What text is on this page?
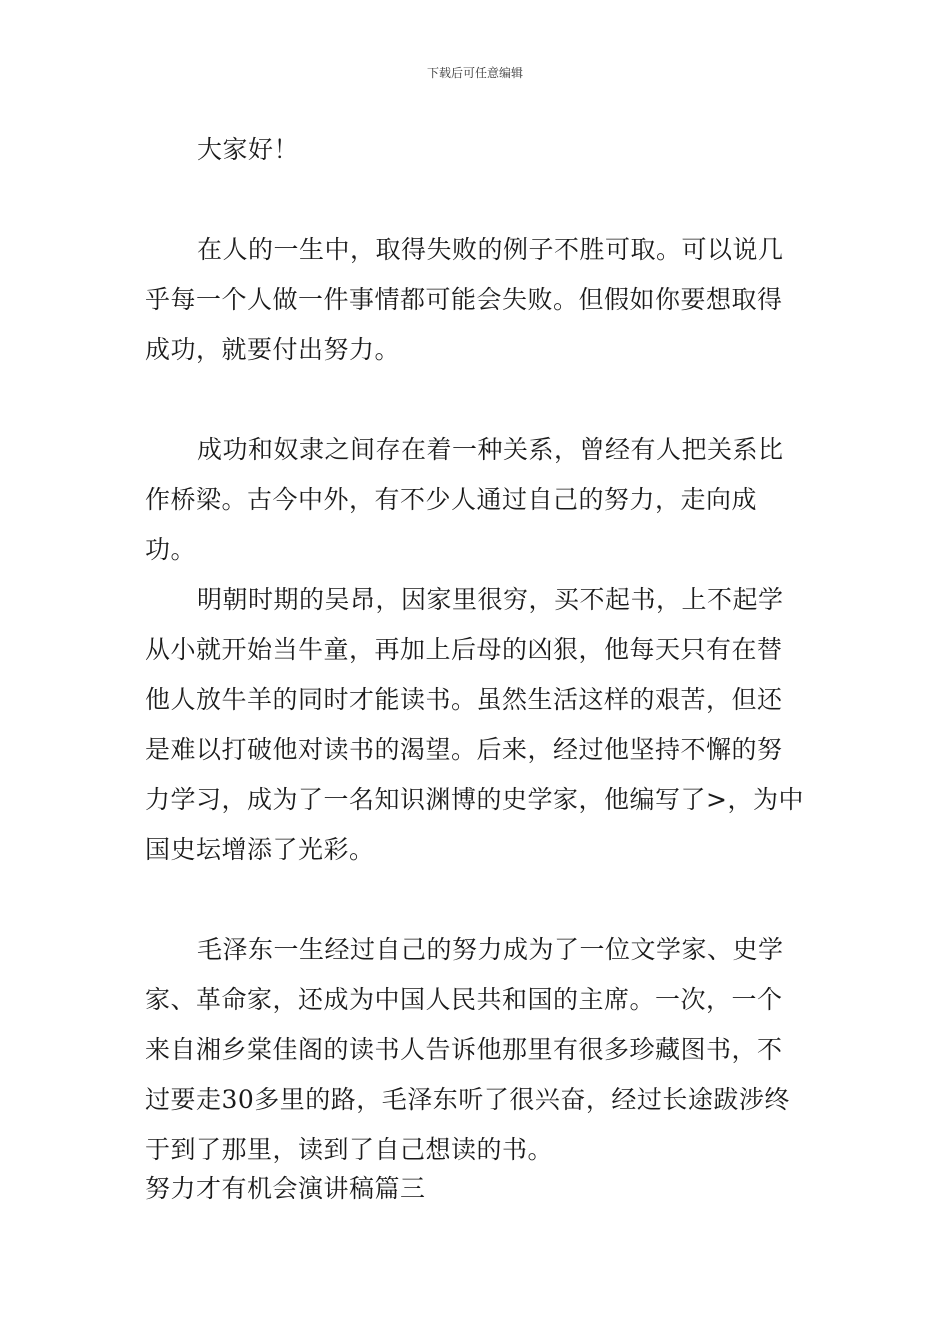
下载后可任意编辑

大家好！

在人的一生中，取得失败的例子不胜可取。可以说几乎每一个人做一件事情都可能会失败。但假如你要想取得成功，就要付出努力。

成功和奴隶之间存在着一种关系，曾经有人把关系比作桥梁。古今中外，有不少人通过自己的努力，走向成功。

明朝时期的吴昂，因家里很穷，买不起书，上不起学从小就开始当牛童，再加上后母的凶狠，他每天只有在替他人放牛羊的同时才能读书。虽然生活这样的艰苦，但还是难以打破他对读书的渴望。后来，经过他坚持不懈的努力学习，成为了一名知识渊博的史学家，他编写了>，为中国史坛增添了光彩。

毛泽东一生经过自己的努力成为了一位文学家、史学家、革命家，还成为中国人民共和国的主席。一次，一个来自湘乡棠佳阁的读书人告诉他那里有很多珍藏图书，不过要走30多里的路，毛泽东听了很兴奋，经过长途跋涉终于到了那里，读到了自己想读的书。

努力才有机会演讲稿篇三
